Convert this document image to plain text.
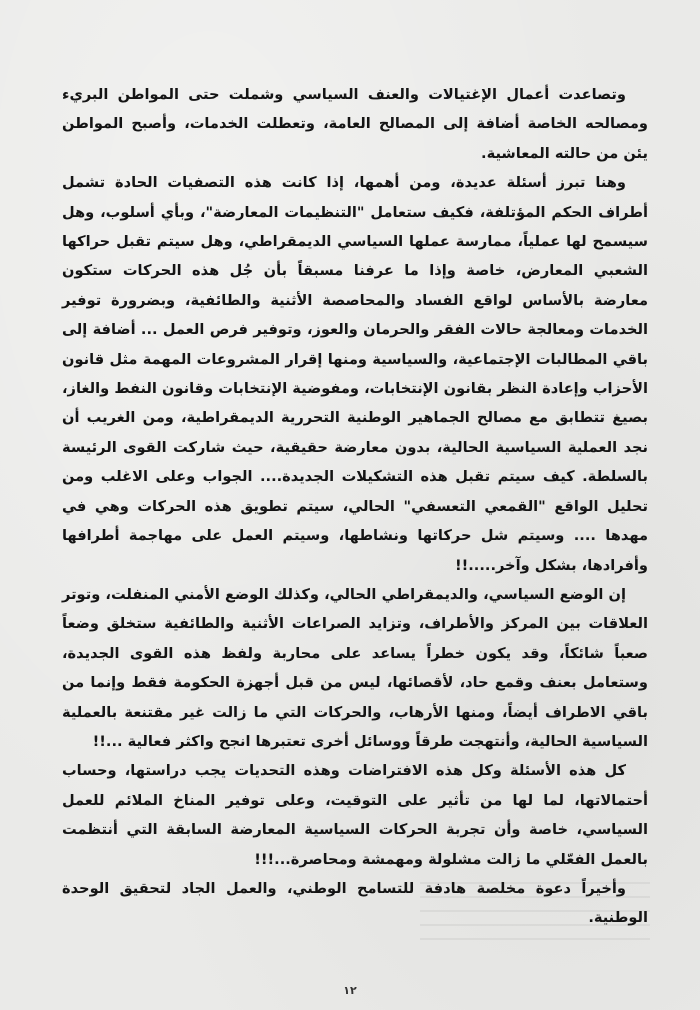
وتصاعدت أعمال الإغتيالات والعنف السياسي وشملت حتى المواطن البريء ومصالحه الخاصة أضافة إلى المصالح العامة، وتعطلت الخدمات، وأصبح المواطن يئن من حالته المعاشية.

وهنا تبرز أسئلة عديدة، ومن أهمها، إذا كانت هذه التصفيات الحادة تشمل أطراف الحكم المؤتلفة، فكيف ستعامل "التنظيمات المعارضة"، وبأي أسلوب، وهل سيسمح لها عملياً، ممارسة عملها السياسي الديمقراطي، وهل سيتم تقبل حراكها الشعبي المعارض، خاصة وإذا ما عرفنا مسبقاً بأن جُل هذه الحركات ستكون معارضة بالأساس لواقع الفساد والمحاصصة الأثنية والطائفية، وبضرورة توفير الخدمات ومعالجة حالات الفقر والحرمان والعوز، وتوفير فرص العمل ... أضافة إلى باقي المطالبات الإجتماعية، والسياسية ومنها إقرار المشروعات المهمة مثل قانون الأحزاب وإعادة النظر بقانون الإنتخابات، ومفوضية الإنتخابات وقانون النفط والغاز، بصيغ تتطابق مع مصالح الجماهير الوطنية التحررية الديمقراطية، ومن الغريب أن نجد العملية السياسية الحالية، بدون معارضة حقيقية، حيث شاركت القوى الرئيسة بالسلطة. كيف سيتم تقبل هذه التشكيلات الجديدة.... الجواب وعلى الاغلب ومن تحليل الواقع "القمعي التعسفي" الحالي، سيتم تطويق هذه الحركات وهي في مهدها .... وسيتم شل حركاتها ونشاطها، وسيتم العمل على مهاجمة أطرافها وأفرادها، بشكل وآخر.....!!

إن الوضع السياسي، والديمقراطي الحالي، وكذلك الوضع الأمني المنفلت، وتوتر العلاقات بين المركز والأطراف، وتزايد الصراعات الأثنية والطائفية ستخلق وضعاً صعباً شائكاً، وقد يكون خطراً يساعد على محاربة ولفظ هذه القوى الجديدة، وستعامل بعنف وقمع حاد، لأقصائها، ليس من قبل أجهزة الحكومة فقط وإنما من باقي الاطراف أيضاً، ومنها الأرهاب، والحركات التي ما زالت غير مقتنعة بالعملية السياسية الحالية، وأنتهجت طرقاً ووسائل أخرى تعتبرها انجح واكثر فعالية ...!!

كل هذه الأسئلة وكل هذه الافتراضات وهذه التحديات يجب دراستها، وحساب أحتمالاتها، لما لها من تأثير على التوقيت، وعلى توفير المناخ الملائم للعمل السياسي، خاصة وأن تجربة الحركات السياسية المعارضة السابقة التي أنتظمت بالعمل الفعّلي ما زالت مشلولة ومهمشة ومحاصرة...!!!

وأخيراً دعوة مخلصة هادفة للتسامح الوطني، والعمل الجاد لتحقيق الوحدة الوطنية.

١٢
